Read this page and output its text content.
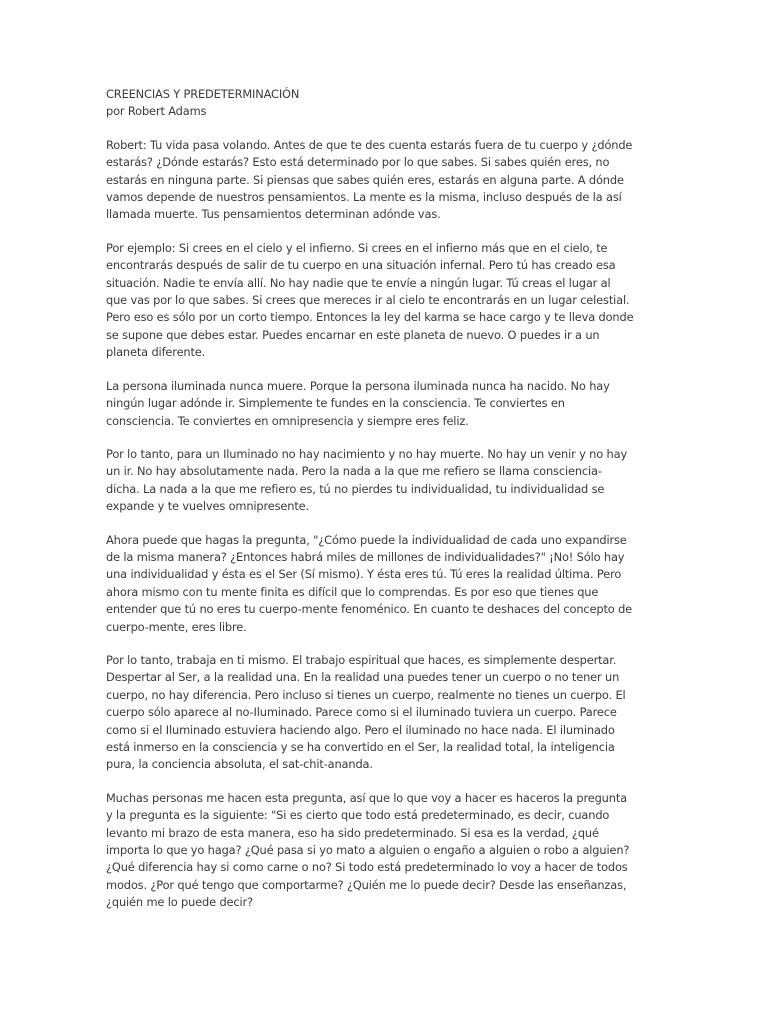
CREENCIAS Y PREDETERMINACIÓN

por Robert Adams

Robert: Tu vida pasa volando. Antes de que te des cuenta estarás fuera de tu cuerpo y ¿dónde estarás? ¿Dónde estarás? Esto está determinado por lo que sabes. Si sabes quién eres, no estarás en ninguna parte. Si piensas que sabes quién eres, estarás en alguna parte. A dónde vamos depende de nuestros pensamientos. La mente es la misma, incluso después de la así llamada muerte. Tus pensamientos determinan adónde vas.

Por ejemplo: Si crees en el cielo y el infierno. Si crees en el infierno más que en el cielo, te encontrarás después de salir de tu cuerpo en una situación infernal. Pero tú has creado esa situación. Nadie te envía allí. No hay nadie que te envíe a ningún lugar. Tú creas el lugar al que vas por lo que sabes. Si crees que mereces ir al cielo te encontrarás en un lugar celestial. Pero eso es sólo por un corto tiempo. Entonces la ley del karma se hace cargo y te lleva donde se supone que debes estar. Puedes encarnar en este planeta de nuevo. O puedes ir a un planeta diferente.

La persona iluminada nunca muere. Porque la persona iluminada nunca ha nacido. No hay ningún lugar adónde ir. Simplemente te fundes en la consciencia. Te conviertes en consciencia. Te conviertes en omnipresencia y siempre eres feliz.

Por lo tanto, para un Iluminado no hay nacimiento y no hay muerte. No hay un venir y no hay un ir. No hay absolutamente nada. Pero la nada a la que me refiero se llama consciencia-dicha. La nada a la que me refiero es, tú no pierdes tu individualidad, tu individualidad se expande y te vuelves omnipresente.

Ahora puede que hagas la pregunta, "¿Cómo puede la individualidad de cada uno expandirse de la misma manera? ¿Entonces habrá miles de millones de individualidades?" ¡No! Sólo hay una individualidad y ésta es el Ser (Sí mismo). Y ésta eres tú. Tú eres la realidad última. Pero ahora mismo con tu mente finita es difícil que lo comprendas. Es por eso que tienes que entender que tú no eres tu cuerpo-mente fenoménico. En cuanto te deshaces del concepto de cuerpo-mente, eres libre.

Por lo tanto, trabaja en ti mismo. El trabajo espiritual que haces, es simplemente despertar. Despertar al Ser, a la realidad una. En la realidad una puedes tener un cuerpo o no tener un cuerpo, no hay diferencia. Pero incluso si tienes un cuerpo, realmente no tienes un cuerpo. El cuerpo sólo aparece al no-Iluminado. Parece como si el iluminado tuviera un cuerpo. Parece como si el Iluminado estuviera haciendo algo. Pero el iluminado no hace nada. El iluminado está inmerso en la consciencia y se ha convertido en el Ser, la realidad total, la inteligencia pura, la conciencia absoluta, el sat-chit-ananda.

Muchas personas me hacen esta pregunta, así que lo que voy a hacer es haceros la pregunta y la pregunta es la siguiente: "Si es cierto que todo está predeterminado, es decir, cuando levanto mi brazo de esta manera, eso ha sido predeterminado. Si esa es la verdad, ¿qué importa lo que yo haga? ¿Qué pasa si yo mato a alguien o engaño a alguien o robo a alguien? ¿Qué diferencia hay si como carne o no? Si todo está predeterminado lo voy a hacer de todos modos. ¿Por qué tengo que comportarme? ¿Quién me lo puede decir? Desde las enseñanzas, ¿quién me lo puede decir?
